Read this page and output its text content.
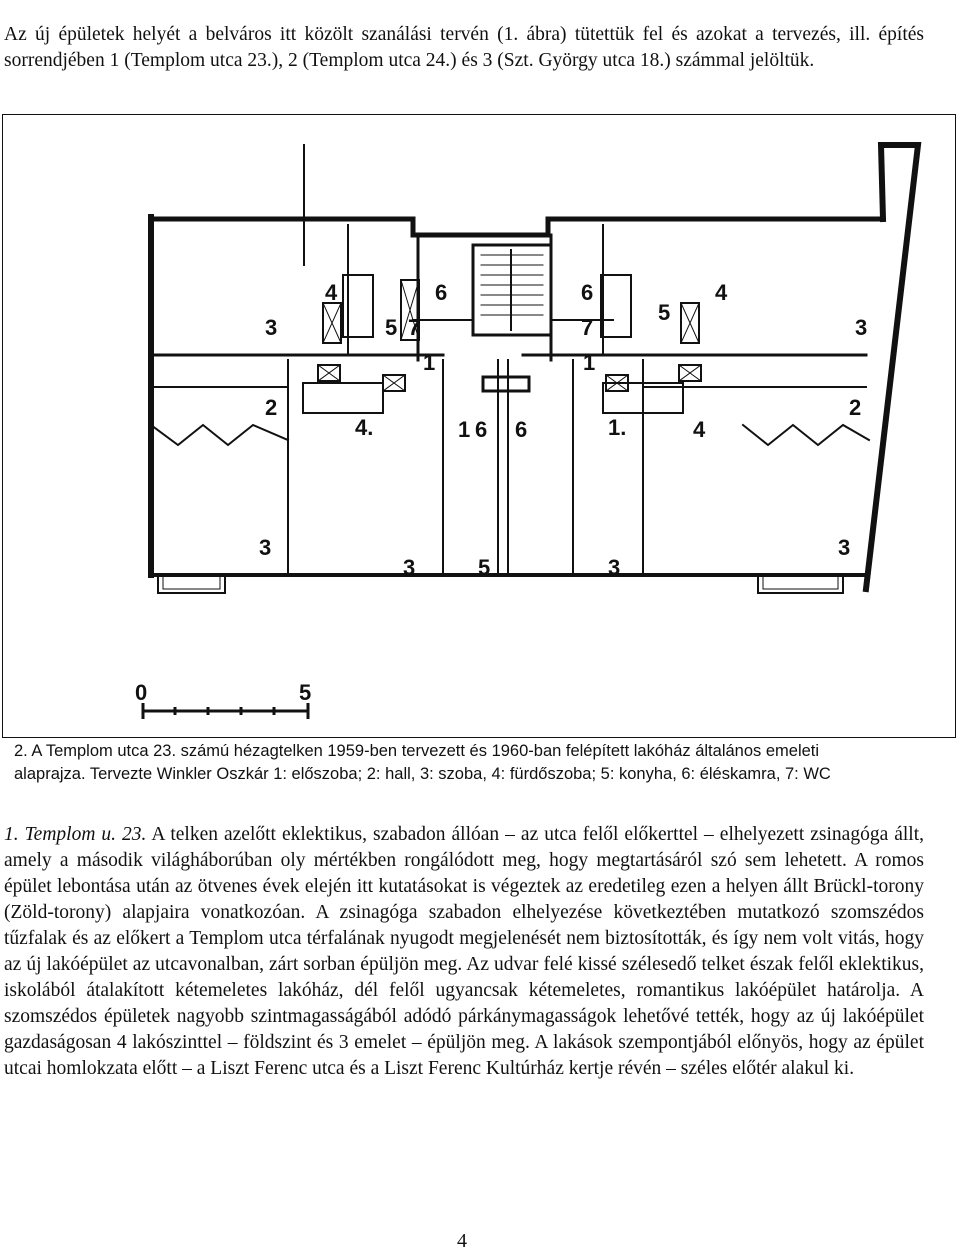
Az új épületek helyét a belváros itt közölt szanálási tervén (1. ábra) tütettük fel és azokat a tervezés, ill. építés sorrendjében 1 (Templom utca 23.), 2 (Templom utca 24.) és 3 (Szt. György utca 18.) számmal jelöltük.

3
4
5
6
7
1
2
4.	1 6 6	1.	4
5
4
3
2
7
6
1
3
3	5	3
3
0	5

2. A Templom utca 23. számú hézagtelken 1959-ben tervezett és 1960-ban felépített lakóház általános emeleti

alaprajza. Tervezte Winkler Oszkár 1: előszoba; 2: hall, 3: szoba, 4: fürdőszoba; 5: konyha, 6: éléskamra, 7: WC

1. Templom u. 23. A telken azelőtt eklektikus, szabadon állóan – az utca felől előkerttel – elhelyezett zsinagóga állt, amely a második világháborúban oly mértékben rongálódott meg, hogy megtartásáról szó sem lehetett. A romos épület lebontása után az ötvenes évek elején itt kutatásokat is végeztek az eredetileg ezen a helyen állt Brückl-torony (Zöld-torony) alapjaira vonatkozóan. A zsinagóga szabadon elhelyezése következtében mutatkozó szomszédos tűzfalak és az előkert a Templom utca térfalának nyugodt megjelenését nem biztosították, és így nem volt vitás, hogy az új lakóépület az utcavonalban, zárt sorban épüljön meg. Az udvar felé kissé szélesedő telket észak felől eklektikus, iskolából átalakított kétemeletes lakóház, dél felől ugyancsak kétemeletes, romantikus lakóépület határolja. A szomszédos épületek nagyobb szintmagasságából adódó párkánymagasságok lehetővé tették, hogy az új lakóépület gazdaságosan 4 lakószinttel – földszint és 3 emelet – épüljön meg. A lakások szempontjából előnyös, hogy az épület utcai homlokzata előtt – a Liszt Ferenc utca és a Liszt Ferenc Kultúrház kertje révén – széles előtér alakul ki.

4
